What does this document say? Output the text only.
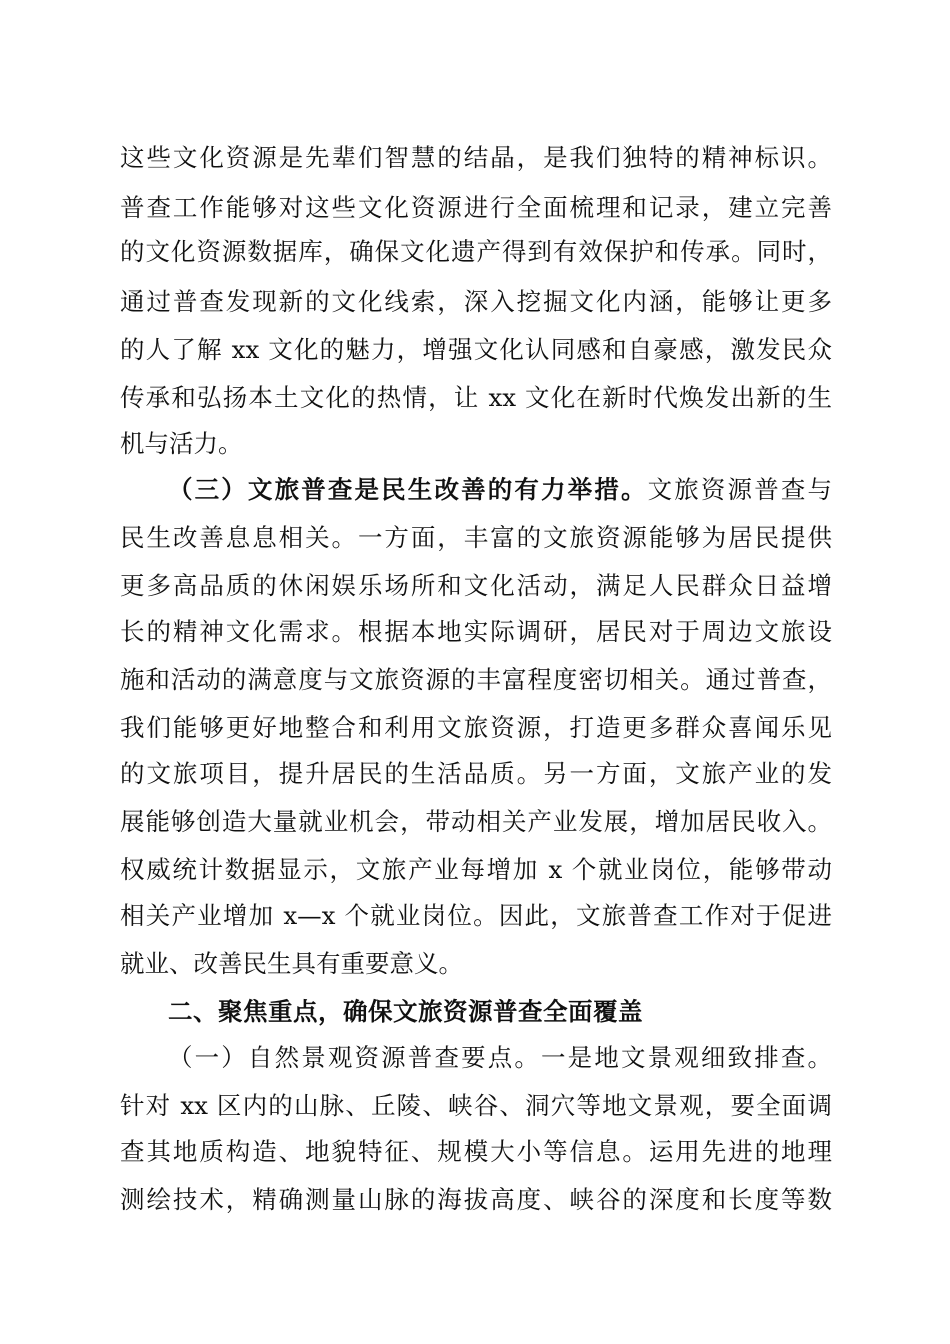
这些文化资源是先辈们智慧的结晶，是我们独特的精神标识。
普查工作能够对这些文化资源进行全面梳理和记录，建立完善
的文化资源数据库，确保文化遗产得到有效保护和传承。同时，
通过普查发现新的文化线索，深入挖掘文化内涵，能够让更多
的人了解 xx 文化的魅力，增强文化认同感和自豪感，激发民众
传承和弘扬本土文化的热情，让 xx 文化在新时代焕发出新的生
机与活力。
（三）文旅普查是民生改善的有力举措。文旅资源普查与
民生改善息息相关。一方面，丰富的文旅资源能够为居民提供
更多高品质的休闲娱乐场所和文化活动，满足人民群众日益增
长的精神文化需求。根据本地实际调研，居民对于周边文旅设
施和活动的满意度与文旅资源的丰富程度密切相关。通过普查，
我们能够更好地整合和利用文旅资源，打造更多群众喜闻乐见
的文旅项目，提升居民的生活品质。另一方面，文旅产业的发
展能够创造大量就业机会，带动相关产业发展，增加居民收入。
权威统计数据显示，文旅产业每增加 x 个就业岗位，能够带动
相关产业增加 x—x 个就业岗位。因此，文旅普查工作对于促进
就业、改善民生具有重要意义。
二、聚焦重点，确保文旅资源普查全面覆盖
（一）自然景观资源普查要点。一是地文景观细致排查。
针对 xx 区内的山脉、丘陵、峡谷、洞穴等地文景观，要全面调
查其地质构造、地貌特征、规模大小等信息。运用先进的地理
测绘技术，精确测量山脉的海拔高度、峡谷的深度和长度等数
